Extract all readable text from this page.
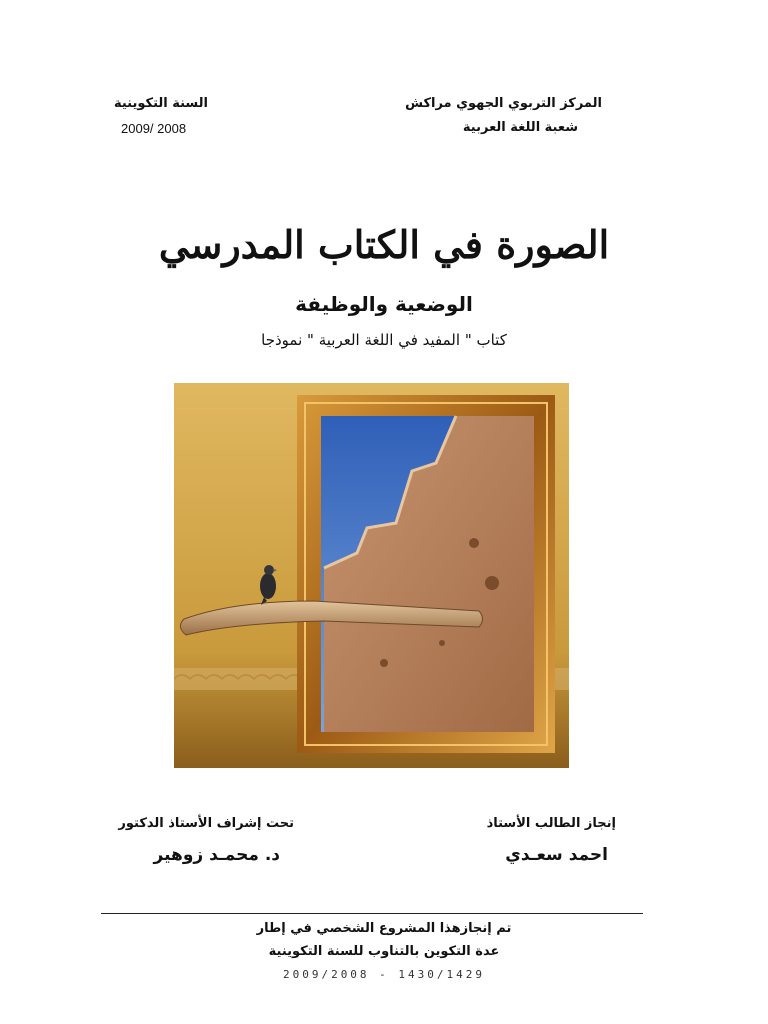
المركز التربوي الجهوي مراكش
شعبة اللغة العربية
السنة التكوينية
2009/ 2008
الصورة في الكتاب المدرسي
الوضعية والوظيفة
كتاب " المفيد في اللغة العربية " نموذجا
إنجاز الطالب الأستاذ
احمد سعـدي
تحت إشراف الأستاذ الدكتور
د. محمـد زوهير
تم إنجازهذا المشروع الشخصي في إطار
عدة التكوين بالتناوب للسنة التكوينية
2009/2008 - 1430/1429
